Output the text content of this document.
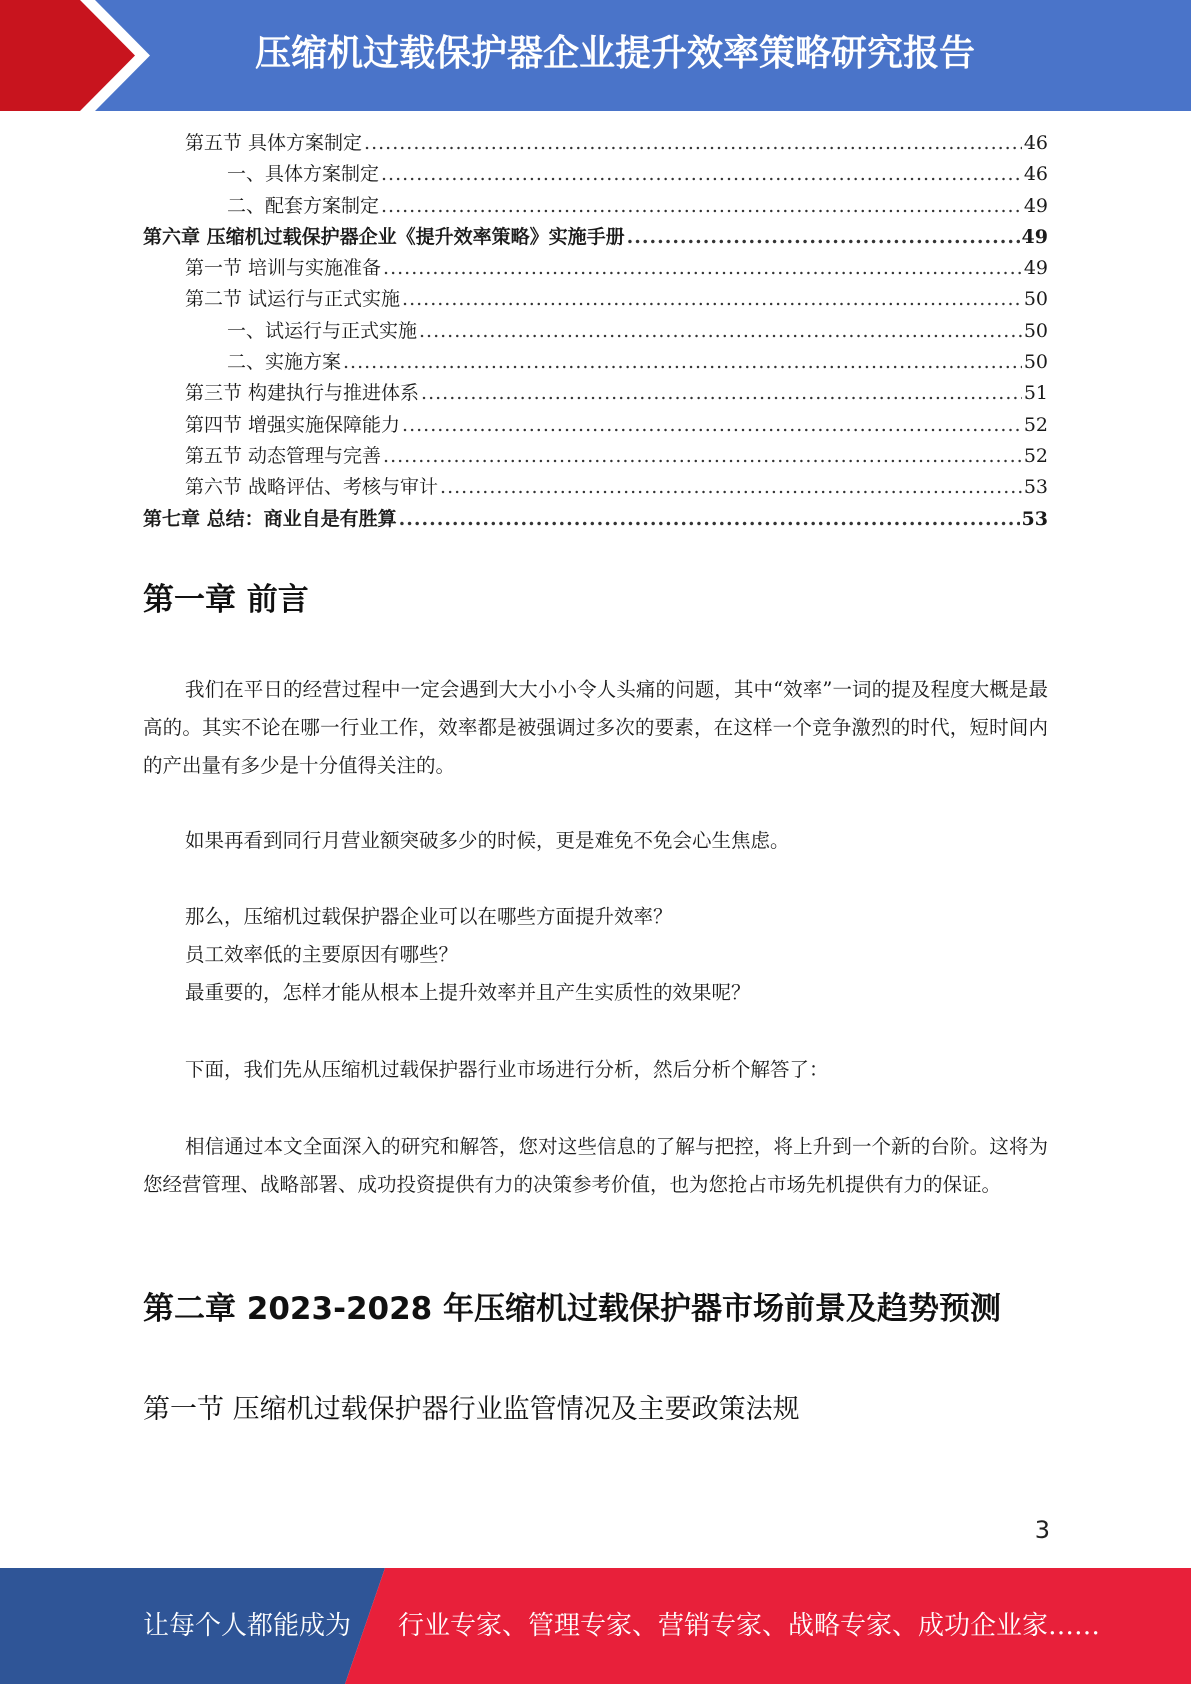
压缩机过载保护器企业提升效率策略研究报告
第五节 具体方案制定 .....	46
一、具体方案制定 .....	46
二、配套方案制定 .....	49
第六章 压缩机过载保护器企业《提升效率策略》实施手册 .....	49
第一节 培训与实施准备 .....	49
第二节 试运行与正式实施 .....	50
一、试运行与正式实施 .....	50
二、实施方案 .....	50
第三节 构建执行与推进体系 .....	51
第四节 增强实施保障能力 .....	52
第五节 动态管理与完善 .....	52
第六节 战略评估、考核与审计 .....	53
第七章 总结：商业自是有胜算 .....	53
第一章 前言

我们在平日的经营过程中一定会遇到大大小小令人头痛的问题，其中“效率”一词的提及程度大概是最高的。其实不论在哪一行业工作，效率都是被强调过多次的要素，在这样一个竞争激烈的时代，短时间内的产出量有多少是十分值得关注的。

如果再看到同行月营业额突破多少的时候，更是难免不免会心生焦虑。
那么，压缩机过载保护器企业可以在哪些方面提升效率？
员工效率低的主要原因有哪些？
最重要的，怎样才能从根本上提升效率并且产生实质性的效果呢？
下面，我们先从压缩机过载保护器行业市场进行分析，然后分析个解答了：

相信通过本文全面深入的研究和解答，您对这些信息的了解与把控，将上升到一个新的台阶。这将为您经营管理、战略部署、成功投资提供有力的决策参考价值，也为您抢占市场先机提供有力的保证。

第二章 2023-2028 年压缩机过载保护器市场前景及趋势预测
第一节 压缩机过载保护器行业监管情况及主要政策法规
3
让每个人都能成为 行业专家、管理专家、营销专家、战略专家、成功企业家……
